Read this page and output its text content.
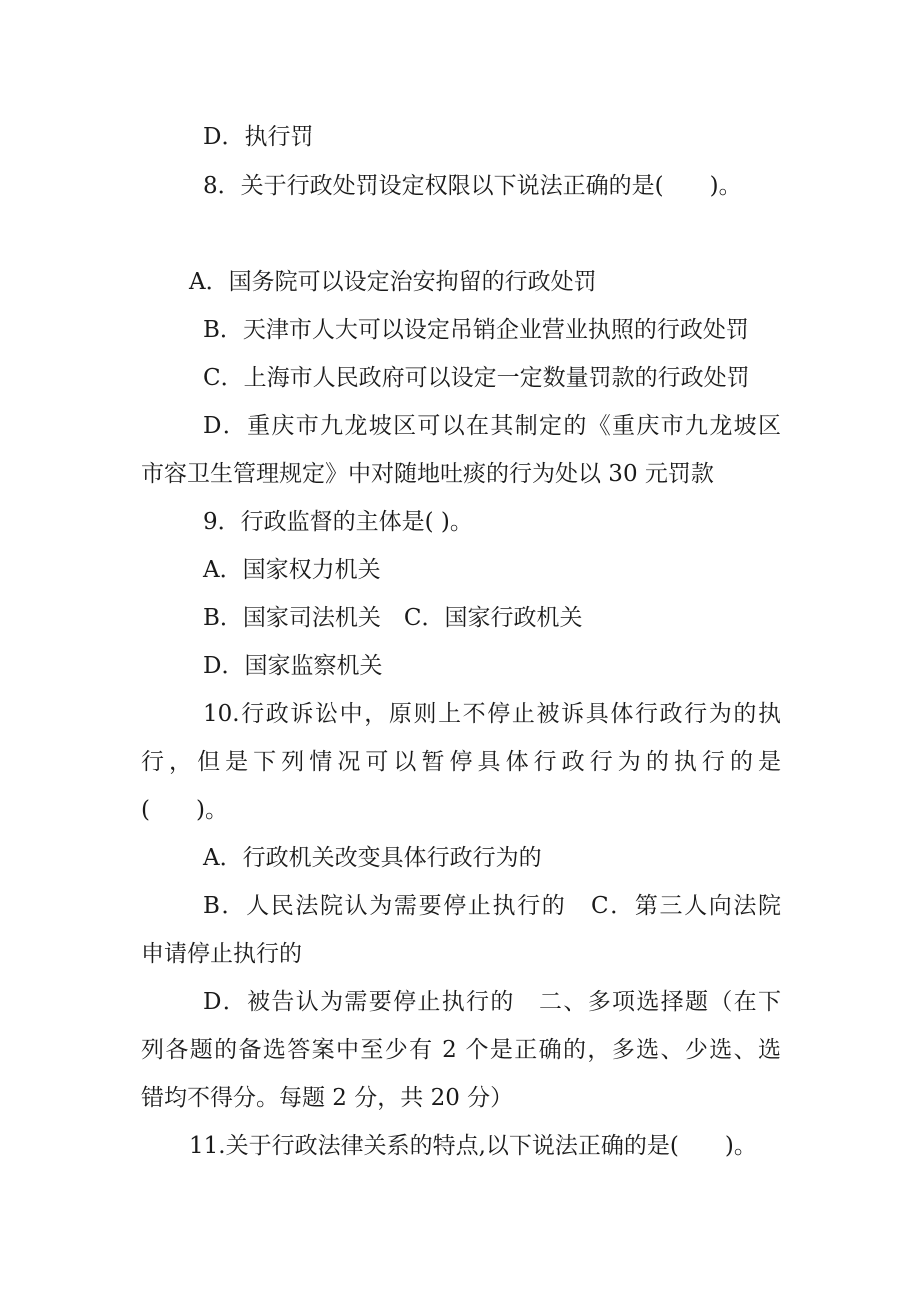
D．执行罚

8．关于行政处罚设定权限以下说法正确的是(　　)。

A．国务院可以设定治安拘留的行政处罚

B．天津市人大可以设定吊销企业营业执照的行政处罚

C．上海市人民政府可以设定一定数量罚款的行政处罚

D．重庆市九龙坡区可以在其制定的《重庆市九龙坡区

市容卫生管理规定》中对随地吐痰的行为处以 30 元罚款

9．行政监督的主体是( )。

A．国家权力机关

B．国家司法机关　C．国家行政机关

D．国家监察机关

10.行政诉讼中，原则上不停止被诉具体行政行为的执

行，但是下列情况可以暂停具体行政行为的执行的是

(　　)。

A．行政机关改变具体行政行为的

B．人民法院认为需要停止执行的　C．第三人向法院

申请停止执行的

D．被告认为需要停止执行的　二、多项选择题（在下

列各题的备选答案中至少有 2 个是正确的，多选、少选、选

错均不得分。每题 2 分，共 20 分）

11.关于行政法律关系的特点,以下说法正确的是(　　)。
